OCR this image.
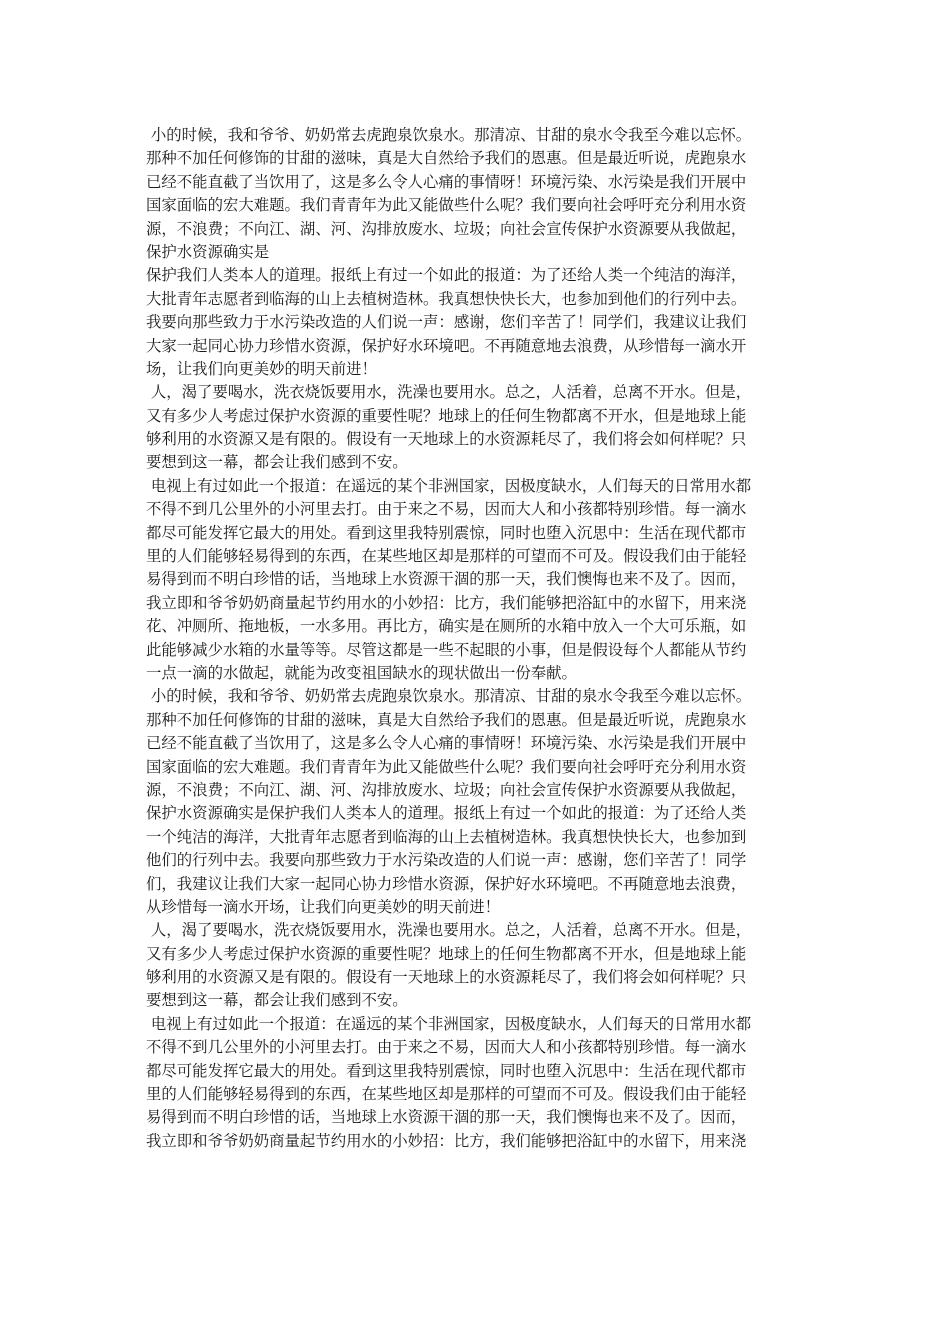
小的时候，我和爷爷、奶奶常去虎跑泉饮泉水。那清凉、甘甜的泉水令我至今难以忘怀。
那种不加任何修饰的甘甜的滋味，真是大自然给予我们的恩惠。但是最近听说，虎跑泉水
已经不能直截了当饮用了，这是多么令人心痛的事情呀！环境污染、水污染是我们开展中
国家面临的宏大难题。我们青青年为此又能做些什么呢？我们要向社会呼吁充分利用水资
源，不浪费；不向江、湖、河、沟排放废水、垃圾；向社会宣传保护水资源要从我做起，
保护水资源确实是
保护我们人类本人的道理。报纸上有过一个如此的报道：为了还给人类一个纯洁的海洋，
大批青年志愿者到临海的山上去植树造林。我真想快快长大，也参加到他们的行列中去。
我要向那些致力于水污染改造的人们说一声：感谢，您们辛苦了！同学们，我建议让我们
大家一起同心协力珍惜水资源，保护好水环境吧。不再随意地去浪费，从珍惜每一滴水开
场，让我们向更美妙的明天前进！
人，渴了要喝水，洗衣烧饭要用水，洗澡也要用水。总之，人活着，总离不开水。但是，
又有多少人考虑过保护水资源的重要性呢？地球上的任何生物都离不开水，但是地球上能
够利用的水资源又是有限的。假设有一天地球上的水资源耗尽了，我们将会如何样呢？只
要想到这一幕，都会让我们感到不安。
电视上有过如此一个报道：在遥远的某个非洲国家，因极度缺水，人们每天的日常用水都
不得不到几公里外的小河里去打。由于来之不易，因而大人和小孩都特别珍惜。每一滴水
都尽可能发挥它最大的用处。看到这里我特别震惊，同时也堕入沉思中：生活在现代都市
里的人们能够轻易得到的东西，在某些地区却是那样的可望而不可及。假设我们由于能轻
易得到而不明白珍惜的话，当地球上水资源干涸的那一天，我们懊悔也来不及了。因而，
我立即和爷爷奶奶商量起节约用水的小妙招：比方，我们能够把浴缸中的水留下，用来浇
花、冲厕所、拖地板，一水多用。再比方，确实是在厕所的水箱中放入一个大可乐瓶，如
此能够减少水箱的水量等等。尽管这都是一些不起眼的小事，但是假设每个人都能从节约
一点一滴的水做起，就能为改变祖国缺水的现状做出一份奉献。
小的时候，我和爷爷、奶奶常去虎跑泉饮泉水。那清凉、甘甜的泉水令我至今难以忘怀。
那种不加任何修饰的甘甜的滋味，真是大自然给予我们的恩惠。但是最近听说，虎跑泉水
已经不能直截了当饮用了，这是多么令人心痛的事情呀！环境污染、水污染是我们开展中
国家面临的宏大难题。我们青青年为此又能做些什么呢？我们要向社会呼吁充分利用水资
源，不浪费；不向江、湖、河、沟排放废水、垃圾；向社会宣传保护水资源要从我做起，
保护水资源确实是保护我们人类本人的道理。报纸上有过一个如此的报道：为了还给人类
一个纯洁的海洋，大批青年志愿者到临海的山上去植树造林。我真想快快长大，也参加到
他们的行列中去。我要向那些致力于水污染改造的人们说一声：感谢，您们辛苦了！同学
们，我建议让我们大家一起同心协力珍惜水资源，保护好水环境吧。不再随意地去浪费，
从珍惜每一滴水开场，让我们向更美妙的明天前进！
人，渴了要喝水，洗衣烧饭要用水，洗澡也要用水。总之，人活着，总离不开水。但是，
又有多少人考虑过保护水资源的重要性呢？地球上的任何生物都离不开水，但是地球上能
够利用的水资源又是有限的。假设有一天地球上的水资源耗尽了，我们将会如何样呢？只
要想到这一幕，都会让我们感到不安。
电视上有过如此一个报道：在遥远的某个非洲国家，因极度缺水，人们每天的日常用水都
不得不到几公里外的小河里去打。由于来之不易，因而大人和小孩都特别珍惜。每一滴水
都尽可能发挥它最大的用处。看到这里我特别震惊，同时也堕入沉思中：生活在现代都市
里的人们能够轻易得到的东西，在某些地区却是那样的可望而不可及。假设我们由于能轻
易得到而不明白珍惜的话，当地球上水资源干涸的那一天，我们懊悔也来不及了。因而，
我立即和爷爷奶奶商量起节约用水的小妙招：比方，我们能够把浴缸中的水留下，用来浇
